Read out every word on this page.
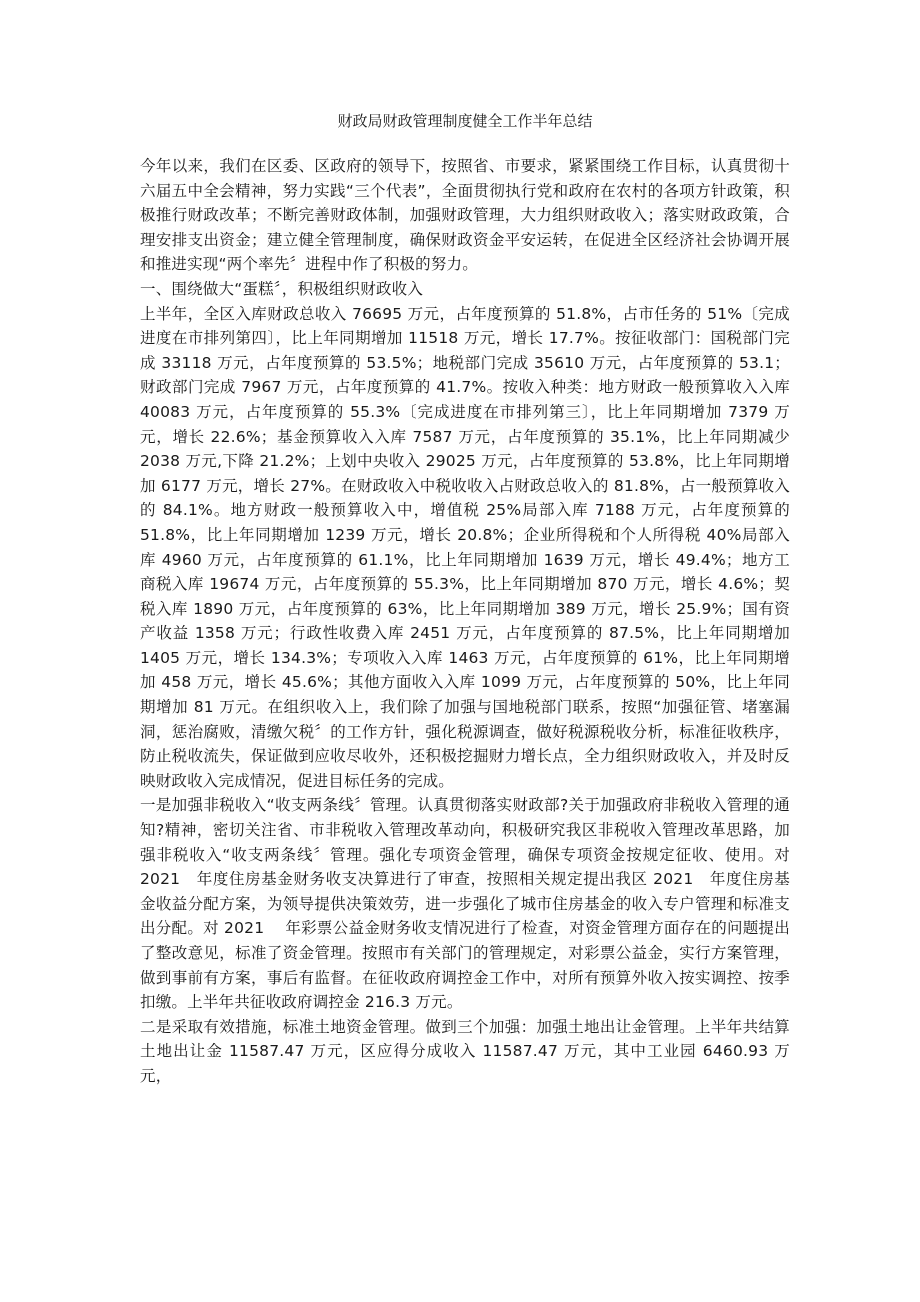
财政局财政管理制度健全工作半年总结

今年以来，我们在区委、区政府的领导下，按照省、市要求，紧紧围绕工作目标，认真贯彻十六届五中全会精神，努力实践“三个代表”，全面贯彻执行党和政府在农村的各项方针政策，积极推行财政改革；不断完善财政体制，加强财政管理，大力组织财政收入；落实财政政策，合理安排支出资金；建立健全管理制度，确保财政资金平安运转，在促进全区经济社会协调开展和推进实现“两个率先〞进程中作了积极的努力。

一、围绕做大“蛋糕〞，积极组织财政收入

上半年，全区入库财政总收入 76695 万元，占年度预算的 51.8%，占市任务的 51%〔完成进度在市排列第四〕，比上年同期增加 11518 万元，增长 17.7%。按征收部门：国税部门完成 33118 万元，占年度预算的 53.5%；地税部门完成 35610 万元，占年度预算的 53.1；财政部门完成 7967 万元，占年度预算的 41.7%。按收入种类：地方财政一般预算收入入库 40083 万元，占年度预算的 55.3%〔完成进度在市排列第三〕，比上年同期增加 7379 万元，增长 22.6%；基金预算收入入库 7587 万元，占年度预算的 35.1%，比上年同期减少 2038 万元,下降 21.2%；上划中央收入 29025 万元，占年度预算的 53.8%，比上年同期增加 6177 万元，增长 27%。在财政收入中税收收入占财政总收入的 81.8%，占一般预算收入的 84.1%。地方财政一般预算收入中，增值税 25%局部入库 7188 万元，占年度预算的 51.8%，比上年同期增加 1239 万元，增长 20.8%；企业所得税和个人所得税 40%局部入库 4960 万元，占年度预算的 61.1%，比上年同期增加 1639 万元，增长 49.4%；地方工商税入库 19674 万元，占年度预算的 55.3%，比上年同期增加 870 万元，增长 4.6%；契税入库 1890 万元，占年度预算的 63%，比上年同期增加 389 万元，增长 25.9%；国有资产收益 1358 万元；行政性收费入库 2451 万元，占年度预算的 87.5%，比上年同期增加 1405 万元，增长 134.3%；专项收入入库 1463 万元，占年度预算的 61%，比上年同期增加 458 万元，增长 45.6%；其他方面收入入库 1099 万元，占年度预算的 50%，比上年同期增加 81 万元。在组织收入上，我们除了加强与国地税部门联系，按照“加强征管、堵塞漏洞，惩治腐败，清缴欠税〞的工作方针，强化税源调查，做好税源税收分析，标准征收秩序，防止税收流失，保证做到应收尽收外，还积极挖掘财力增长点，全力组织财政收入，并及时反映财政收入完成情况，促进目标任务的完成。

一是加强非税收入“收支两条线〞管理。认真贯彻落实财政部?关于加强政府非税收入管理的通知?精神，密切关注省、市非税收入管理改革动向，积极研究我区非税收入管理改革思路，加强非税收入“收支两条线〞管理。强化专项资金管理，确保专项资金按规定征收、使用。对 2021　年度住房基金财务收支决算进行了审查，按照相关规定提出我区 2021　年度住房基金收益分配方案，为领导提供决策效劳，进一步强化了城市住房基金的收入专户管理和标准支出分配。对 2021　 年彩票公益金财务收支情况进行了检查，对资金管理方面存在的问题提出了整改意见，标准了资金管理。按照市有关部门的管理规定，对彩票公益金，实行方案管理，做到事前有方案，事后有监督。在征收政府调控金工作中，对所有预算外收入按实调控、按季扣缴。上半年共征收政府调控金 216.3 万元。

二是采取有效措施，标准土地资金管理。做到三个加强：加强土地出让金管理。上半年共结算土地出让金 11587.47 万元，区应得分成收入 11587.47 万元，其中工业园 6460.93 万元，
